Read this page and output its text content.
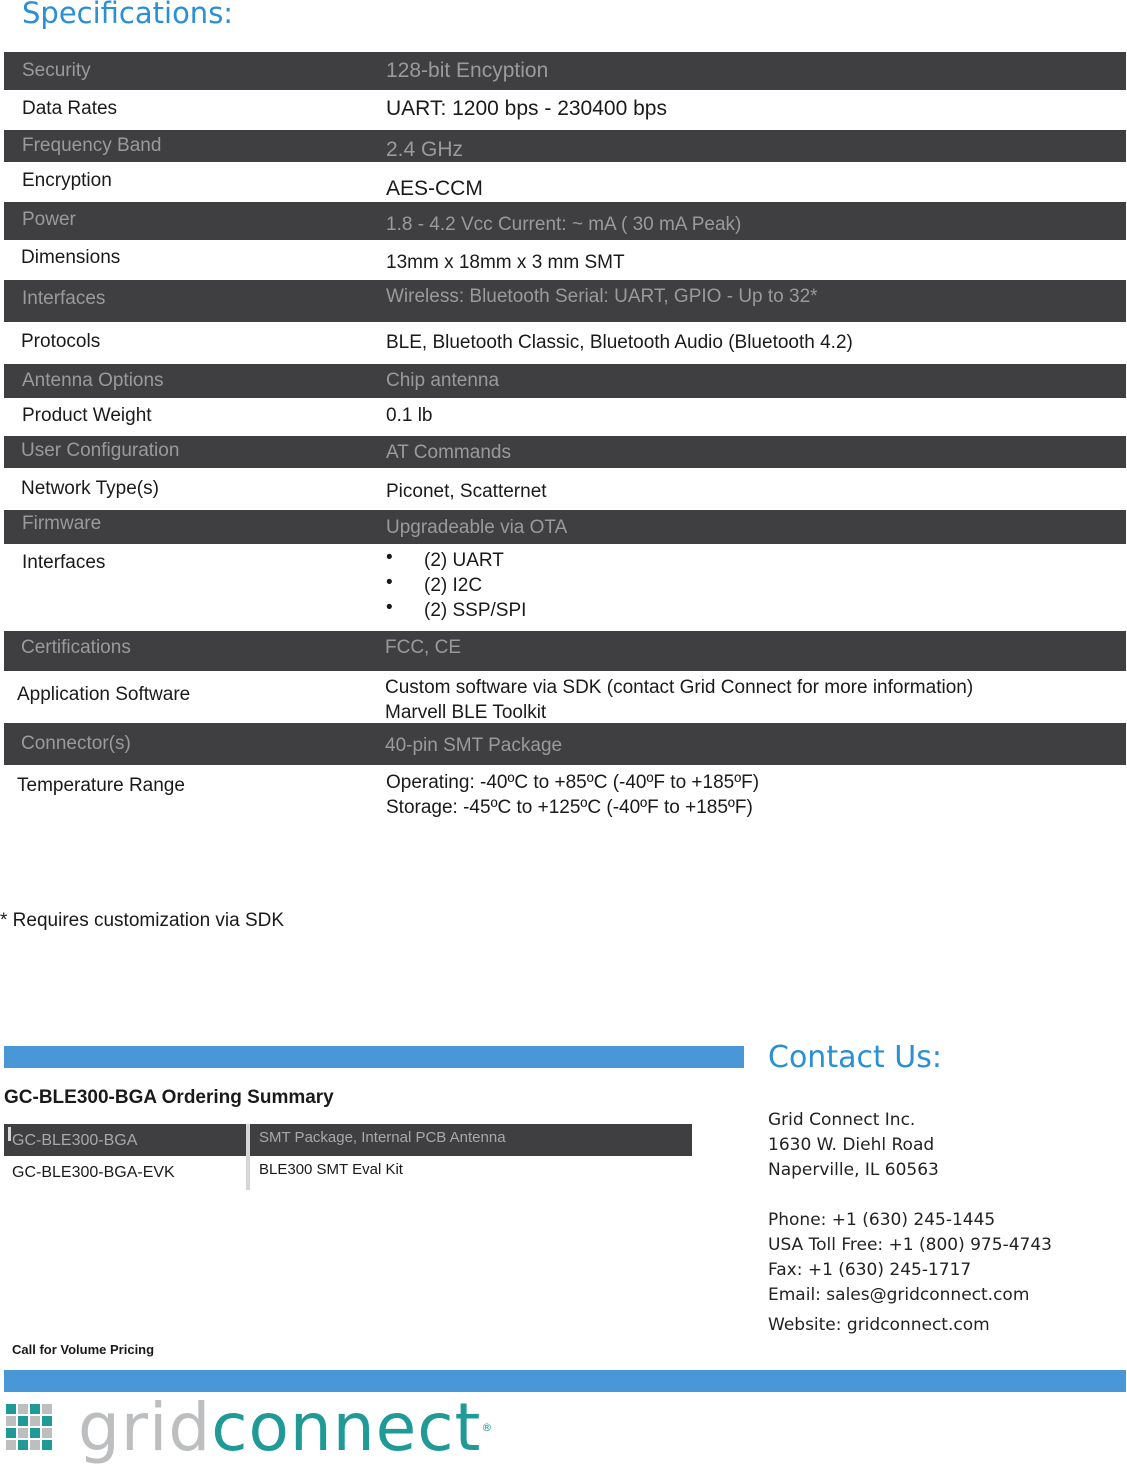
Specifications:
Security	128-bit Encyption
Data Rates	UART: 1200 bps - 230400 bps
Frequency Band	2.4 GHz
Encryption	AES-CCM
Power	1.8 - 4.2 Vcc Current: ~ mA ( 30 mA Peak)
Dimensions	13mm x 18mm x 3 mm SMT
Interfaces	Wireless: Bluetooth Serial: UART, GPIO - Up to 32*
Protocols	BLE, Bluetooth Classic, Bluetooth Audio (Bluetooth 4.2)
Antenna Options	Chip antenna
Product Weight	0.1 lb
User Configuration	AT Commands
Network Type(s)	Piconet, Scatternet
Firmware	Upgradeable via OTA
Interfaces
•	(2) UART
• (2) I2C
• (2) SSP/SPI
Certifications	FCC, CE
Application Software	Custom software via SDK (contact Grid Connect for more information)
Marvell BLE Toolkit
Connector(s)	40-pin SMT Package
Temperature Range	Operating: -40ºC to +85ºC (-40ºF to +185ºF)
Storage: -45ºC to +125ºC (-40ºF to +185ºF)
* Requires customization via SDK
GC-BLE300-BGA Ordering Summary
GC-BLE300-BGA	SMT Package, Internal PCB Antenna
GC-BLE300-BGA-EVK	BLE300 SMT Eval Kit
Call for Volume Pricing
Contact Us:
Grid Connect Inc.
1630 W. Diehl Road
Naperville, IL 60563
Phone: +1 (630) 245-1445
USA Toll Free: +1 (800) 975-4743
Fax: +1 (630) 245-1717
Email: sales@gridconnect.com
Website: gridconnect.com
gridconnect®
